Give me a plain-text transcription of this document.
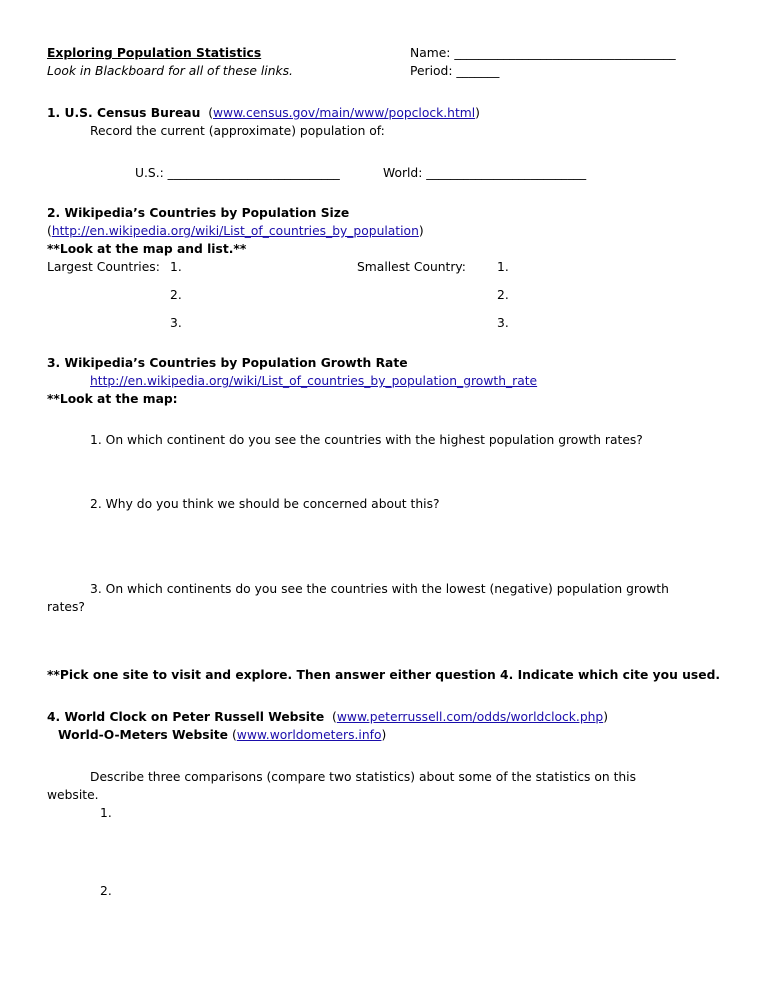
Exploring Population Statistics
Look in Blackboard for all of these links.
Name: ____________________________________
Period: _______
1. U.S. Census Bureau (www.census.gov/main/www/popclock.html)
Record the current (approximate) population of:
U.S.: ____________________________	World: __________________________
2. Wikipedia’s Countries by Population Size
(http://en.wikipedia.org/wiki/List_of_countries_by_population)
**Look at the map and list.**
Largest Countries:	Smallest Country:
1.
2.
3.
1.
2.
3.
3. Wikipedia’s Countries by Population Growth Rate
http://en.wikipedia.org/wiki/List_of_countries_by_population_growth_rate
**Look at the map:
1. On which continent do you see the countries with the highest population growth rates?
2. Why do you think we should be concerned about this?
3. On which continents do you see the countries with the lowest (negative) population growth
rates?
**Pick one site to visit and explore. Then answer either question 4. Indicate which cite you used.
4. World Clock on Peter Russell Website (www.peterrussell.com/odds/worldclock.php)
World-O-Meters Website (www.worldometers.info)
Describe three comparisons (compare two statistics) about some of the statistics on this
website.
1.
2.
